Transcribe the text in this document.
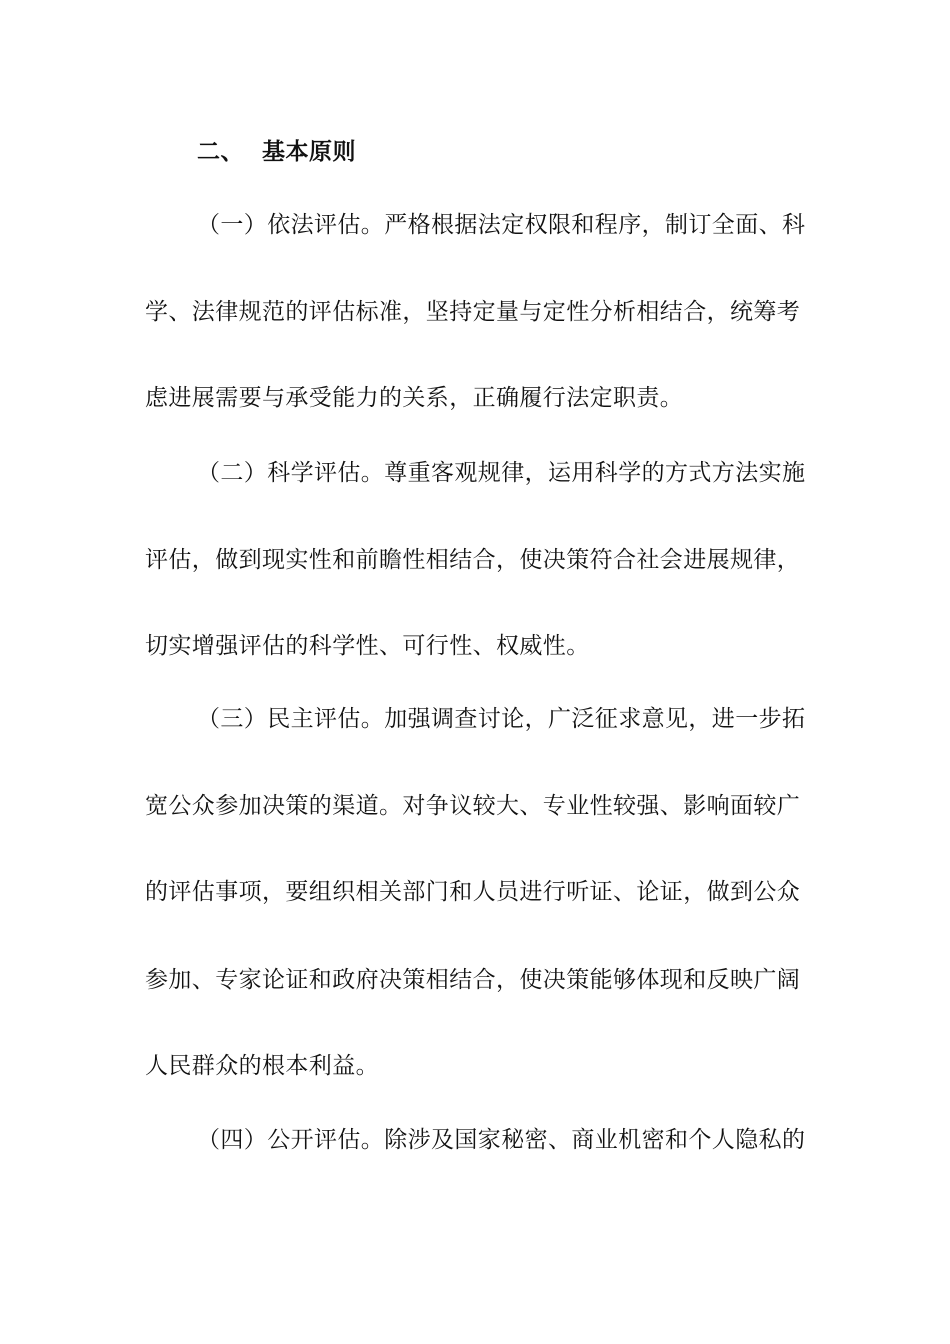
二、 基本原则
（一）依法评估。严格根据法定权限和程序，制订全面、科
学、法律规范的评估标准，坚持定量与定性分析相结合，统筹考
虑进展需要与承受能力的关系，正确履行法定职责。
（二）科学评估。尊重客观规律，运用科学的方式方法实施
评估，做到现实性和前瞻性相结合，使决策符合社会进展规律，
切实增强评估的科学性、可行性、权威性。
（三）民主评估。加强调查讨论，广泛征求意见，进一步拓
宽公众参加决策的渠道。对争议较大、专业性较强、影响面较广
的评估事项，要组织相关部门和人员进行听证、论证，做到公众
参加、专家论证和政府决策相结合，使决策能够体现和反映广阔
人民群众的根本利益。
（四）公开评估。除涉及国家秘密、商业机密和个人隐私的
